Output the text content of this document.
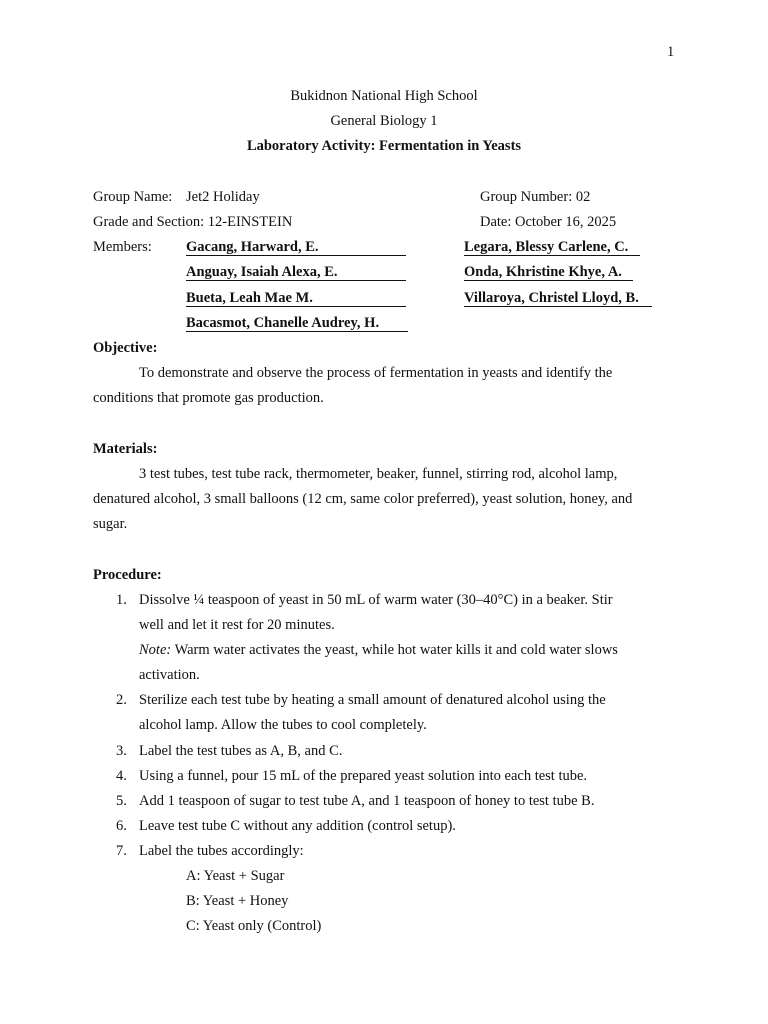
1
Bukidnon National High School
General Biology 1
Laboratory Activity: Fermentation in Yeasts
Group Name: Jet2 Holiday	Group Number: 02
Grade and Section: 12-EINSTEIN	Date: October 16, 2025
Members: Gacang, Harward, E.
Anguay, Isaiah Alexa, E.
Bueta, Leah Mae M.
Bacasmot, Chanelle Audrey, H.
Legara, Blessy Carlene, C.
Onda, Khristine Khye, A.
Villaroya, Christel Lloyd, B.
Objective:
To demonstrate and observe the process of fermentation in yeasts and identify the
conditions that promote gas production.
Materials:
3 test tubes, test tube rack, thermometer, beaker, funnel, stirring rod, alcohol lamp,
denatured alcohol, 3 small balloons (12 cm, same color preferred), yeast solution, honey, and
sugar.
Procedure:
1. Dissolve ¼ teaspoon of yeast in 50 mL of warm water (30–40°C) in a beaker. Stir
well and let it rest for 20 minutes.
Note: Warm water activates the yeast, while hot water kills it and cold water slows
activation.
2. Sterilize each test tube by heating a small amount of denatured alcohol using the
alcohol lamp. Allow the tubes to cool completely.
3. Label the test tubes as A, B, and C.
4. Using a funnel, pour 15 mL of the prepared yeast solution into each test tube.
5. Add 1 teaspoon of sugar to test tube A, and 1 teaspoon of honey to test tube B.
6. Leave test tube C without any addition (control setup).
7. Label the tubes accordingly:
A: Yeast + Sugar
B: Yeast + Honey
C: Yeast only (Control)
